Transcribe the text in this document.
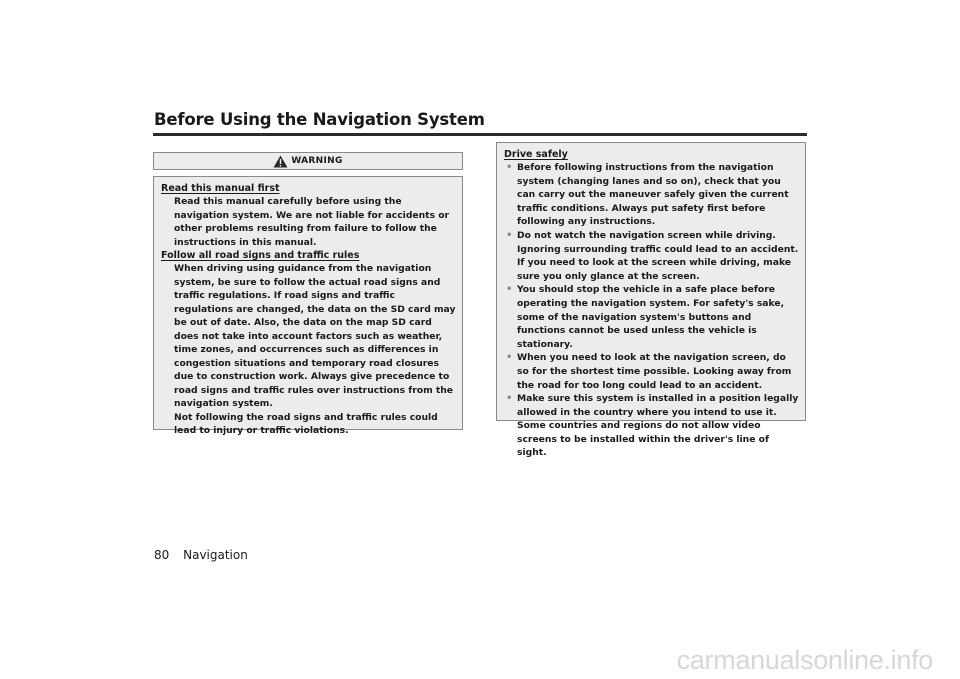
Before Using the Navigation System
WARNING
Read this manual first

Read this manual carefully before using the navigation system. We are not liable for accidents or other problems resulting from failure to follow the instructions in this manual.

Follow all road signs and traffic rules

When driving using guidance from the navigation system, be sure to follow the actual road signs and traffic regulations. If road signs and traffic regulations are changed, the data on the SD card may be out of date. Also, the data on the map SD card does not take into account factors such as weather, time zones, and occurrences such as differences in congestion situations and temporary road closures due to construction work. Always give precedence to road signs and traffic rules over instructions from the navigation system.

Not following the road signs and traffic rules could lead to injury or traffic violations.

Drive safely
• Before following instructions from the navigation system (changing lanes and so on), check that you can carry out the maneuver safely given the current traffic conditions. Always put safety first before following any instructions.
• Do not watch the navigation screen while driving. Ignoring surrounding traffic could lead to an accident. If you need to look at the screen while driving, make sure you only glance at the screen.
• You should stop the vehicle in a safe place before operating the navigation system. For safety's sake, some of the navigation system's buttons and functions cannot be used unless the vehicle is stationary.
• When you need to look at the navigation screen, do so for the shortest time possible. Looking away from the road for too long could lead to an accident.
• Make sure this system is installed in a position legally allowed in the country where you intend to use it. Some countries and regions do not allow video screens to be installed within the driver's line of sight.
80 Navigation
carmanualsonline.info
